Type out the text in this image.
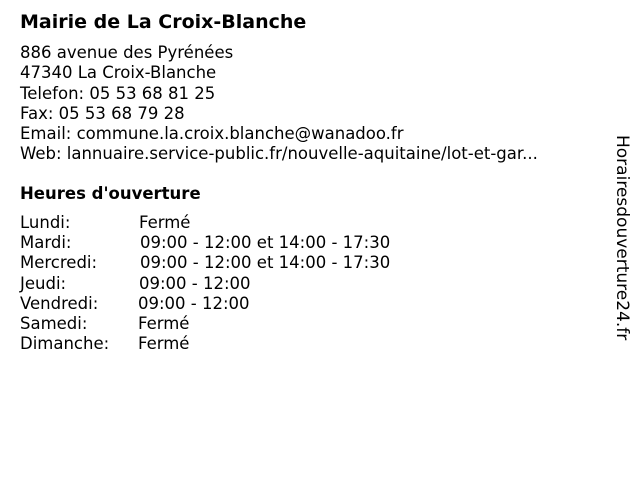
Mairie de La Croix-Blanche
886 avenue des Pyrénées
47340 La Croix-Blanche
Telefon: 05 53 68 81 25
Fax: 05 53 68 79 28
Email: commune.la.croix.blanche@wanadoo.fr
Web: lannuaire.service-public.fr/nouvelle-aquitaine/lot-et-gar...
Heures d'ouverture
Lundi:	Fermé
Mardi:	09:00 - 12:00 et 14:00 - 17:30
Mercredi:	09:00 - 12:00 et 14:00 - 17:30
Jeudi:	09:00 - 12:00
Vendredi: 09:00 - 12:00
Samedi:	Fermé
Dimanche: Fermé
Horairesdouverture24.fr
